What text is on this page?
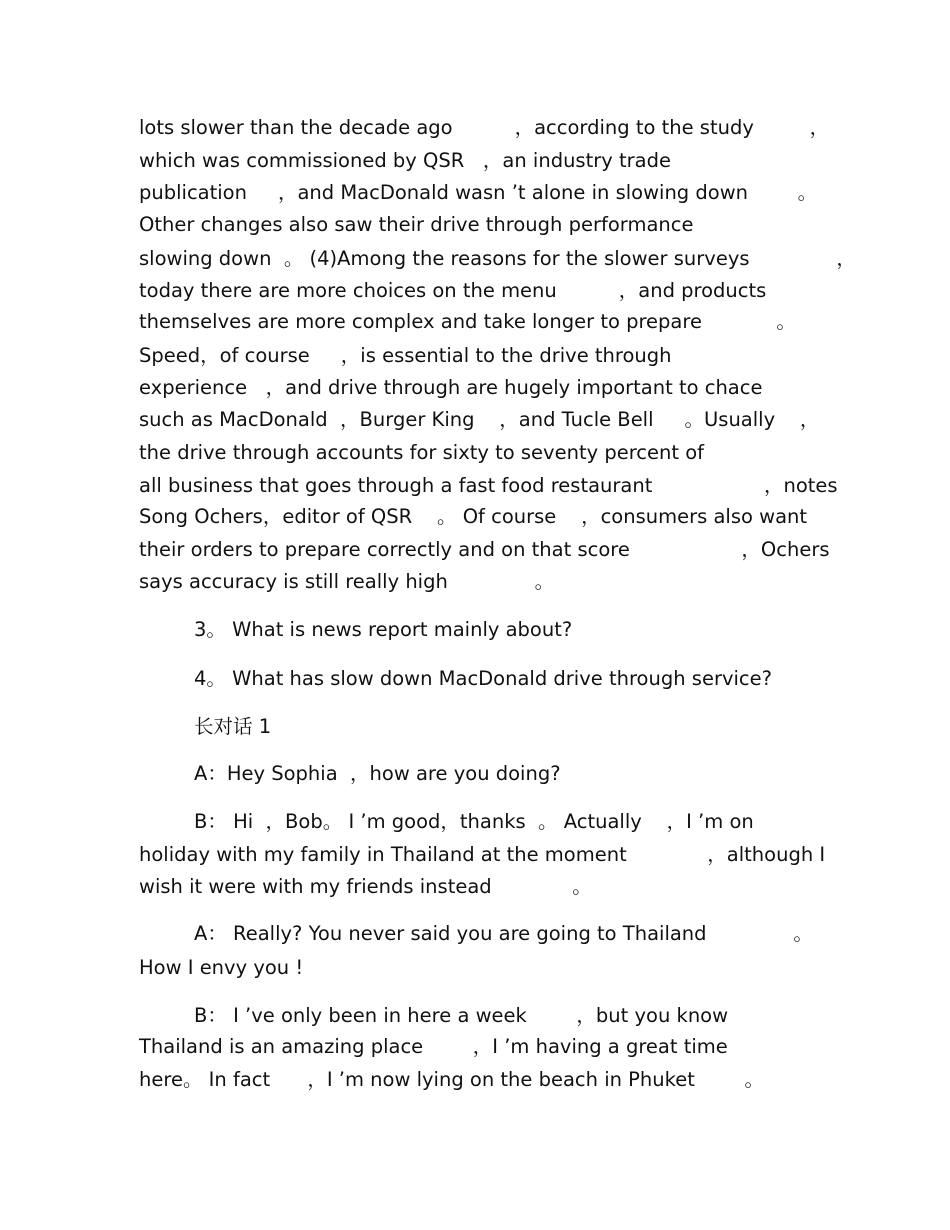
lots slower than the decade ago          ，according to the study         ，
which was commissioned by QSR   ，an industry trade
publication     ，and MacDonald wasn ’t alone in slowing down        。
Other changes also saw their drive through performance
slowing down  。 (4)Among the reasons for the slower surveys              ，
today there are more choices on the menu          ，and products
themselves are more complex and take longer to prepare            。
Speed，of course     ，is essential to the drive through
experience   ，and drive through are hugely important to chace
such as MacDonald  ，Burger King    ，and Tucle Bell     。Usually    ，
the drive through accounts for sixty to seventy percent of
all business that goes through a fast food restaurant                  ，notes
Song Ochers，editor of QSR    。 Of course    ，consumers also want
their orders to prepare correctly and on that score                  ，Ochers
says accuracy is still really high              。
3。 What is news report mainly about?
4。 What has slow down MacDonald drive through service?
长对话 1
A：Hey Sophia  ，how are you doing?
B： Hi  ，Bob。 I ’m good，thanks  。 Actually    ，I ’m on
holiday with my family in Thailand at the moment             ，although I
wish it were with my friends instead             。
A： Really? You never said you are going to Thailand              。
How I envy you !
B： I ’ve only been in here a week        ，but you know
Thailand is an amazing place        ，I ’m having a great time
here。 In fact      ，I ’m now lying on the beach in Phuket        。
